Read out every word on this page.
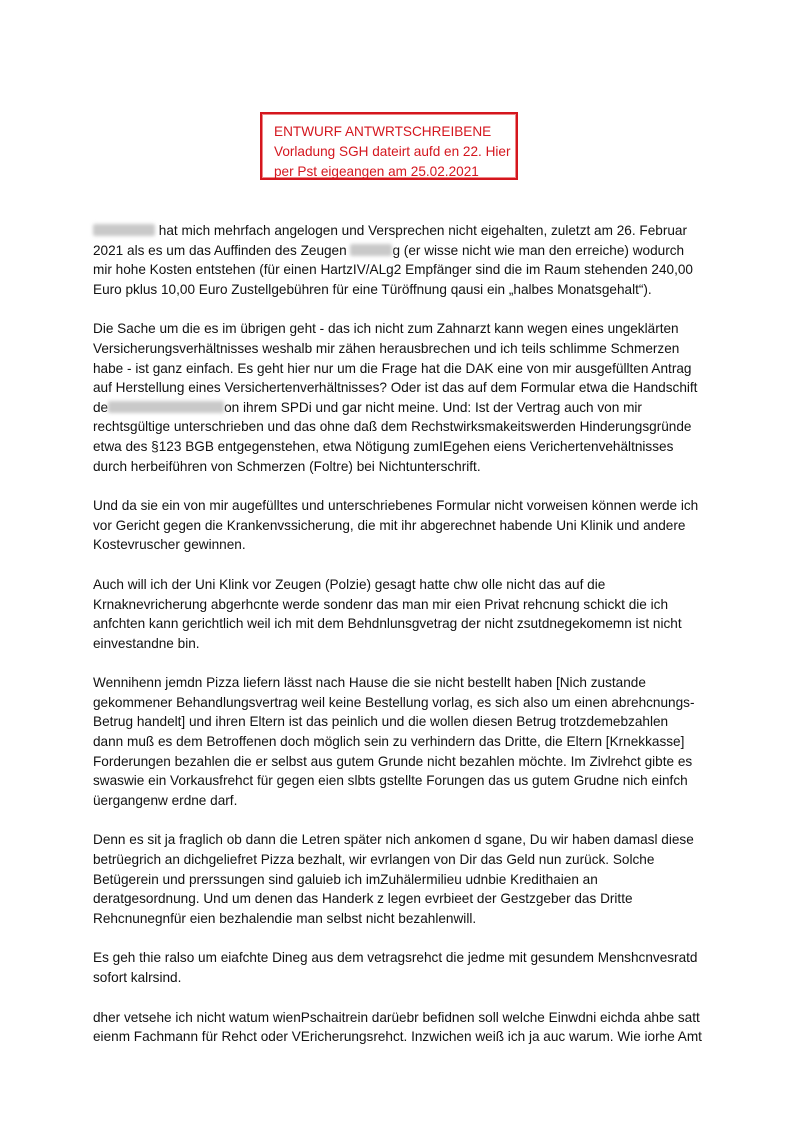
ENTWURF ANTWRTSCHREIBENE
Vorladung SGH dateirt aufd en 22. Hier
per Pst eigeangen am 25.02.2021
hat mich mehrfach angelogen und Versprechen nicht eigehalten, zuletzt am 26. Februar
2021 als es um das Auffinden des Zeugen	g (er wisse nicht wie man den erreiche) wodurch
mir hohe Kosten entstehen (für einen HartzIV/ALg2 Empfänger sind die im Raum stehenden 240,00
Euro pklus 10,00 Euro Zustellgebühren für eine Türöffnung qausi ein „halbes Monatsgehalt“).
Die Sache um die es im übrigen geht - das ich nicht zum Zahnarzt kann wegen eines ungeklärten
Versicherungsverhältnisses weshalb mir zähen herausbrechen und ich teils schlimme Schmerzen
habe - ist ganz einfach. Es geht hier nur um die Frage hat die DAK eine von mir ausgefüllten Antrag
auf Herstellung eines Versichertenverhältnisses? Oder ist das auf dem Formular etwa die Handschift
de	on ihrem SPDi und gar nicht meine. Und: Ist der Vertrag auch von mir
rechtsgültige unterschrieben und das ohne daß dem Rechstwirksmakeitswerden Hinderungsgründe
etwa des §123 BGB entgegenstehen, etwa Nötigung zumIEgehen eiens Verichertenvehältnisses
durch herbeiführen von Schmerzen (Foltre) bei Nichtunterschrift.
Und da sie ein von mir augefülltes und unterschriebenes Formular nicht vorweisen können werde ich
vor Gericht gegen die Krankenvssicherung, die mit ihr abgerechnet habende Uni Klinik und andere
Kostevruscher gewinnen.
Auch will ich der Uni Klink vor Zeugen (Polzie) gesagt hatte chw olle nicht das auf die
Krnaknevricherung abgerhcnte werde sondenr das man mir eien Privat rehcnung schickt die ich
anfchten kann gerichtlich weil ich mit dem Behdnlunsgvetrag der nicht zsutdnegekomemn ist nicht
einvestandne bin.
Wennihenn jemdn Pizza liefern lässt nach Hause die sie nicht bestellt haben [Nich zustande
gekommener Behandlungsvertrag weil keine Bestellung vorlag, es sich also um einen abrehcnungs-
Betrug handelt] und ihren Eltern ist das peinlich und die wollen diesen Betrug trotzdemebzahlen
dann muß es dem Betroffenen doch möglich sein zu verhindern das Dritte, die Eltern [Krnekkasse]
Forderungen bezahlen die er selbst aus gutem Grunde nicht bezahlen möchte. Im Zivlrehct gibte es
swaswie ein Vorkausfrehct für gegen eien slbts gstellte Forungen das us gutem Grudne nich einfch
üergangenw erdne darf.
Denn es sit ja fraglich ob dann die Letren später nich ankomen d sgane, Du wir haben damasl diese
betrüegrich an dichgeliefret Pizza bezhalt, wir evrlangen von Dir das Geld nun zurück. Solche
Betügerein und prerssungen sind galuieb ich imZuhälermilieu udnbie Kredithaien an
deratgesordnung. Und um denen das Handerk z legen evrbieet der Gestzgeber das Dritte
Rehcnunegnfür eien bezhalendie man selbst nicht bezahlenwill.
Es geh thie ralso um eiafchte Dineg aus dem vetragsrehct die jedme mit gesundem Menshcnvesratd
sofort kalrsind.
dher vetsehe ich nicht watum wienPschaitrein darüebr befidnen soll welche Einwdni eichda ahbe satt
eienm Fachmann für Rehct oder VEricherungsrehct. Inzwichen weiß ich ja auc warum. Wie iorhe Amt
